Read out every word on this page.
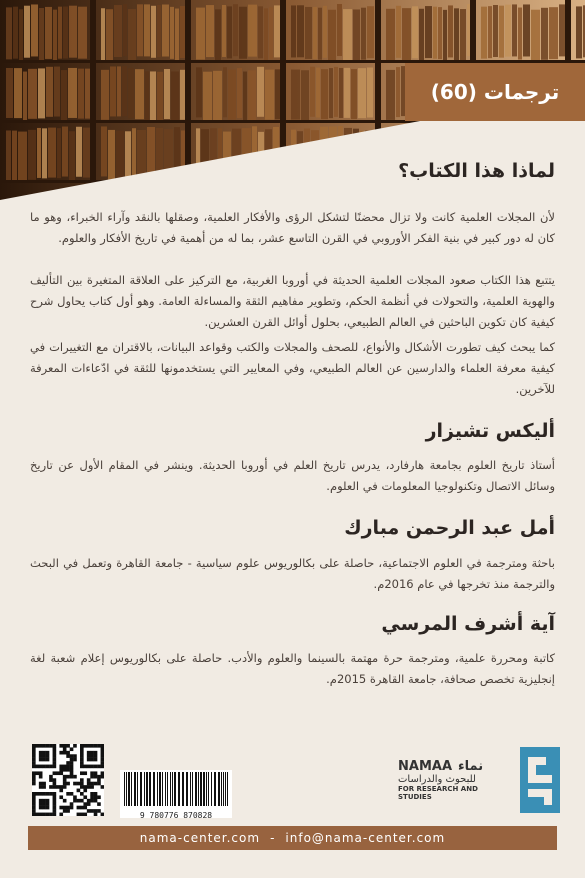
ترجمات (60)
لماذا هذا الكتاب؟

لأن المجلات العلمية كانت ولا تزال محضنًا لتشكل الرؤى والأفكار العلمية، وصقلها بالنقد وآراء الخبراء، وهو ما كان له دور كبير في بنية الفكر الأوروبي في القرن التاسع عشر، بما له من أهمية في تاريخ الأفكار والعلوم.

يتتبع هذا الكتاب صعود المجلات العلمية الحديثة في أوروبا الغربية، مع التركيز على العلاقة المتغيرة بين التأليف والهوية العلمية، والتحولات في أنظمة الحكم، وتطوير مفاهيم الثقة والمساءلة العامة. وهو أول كتاب يحاول شرح كيفية كان تكوين الباحثين في العالم الطبيعي، بحلول أوائل القرن العشرين.

كما يبحث كيف تطورت الأشكال والأنواع، للصحف والمجلات والكتب وقواعد البيانات، بالاقتران مع التغييرات في كيفية معرفة العلماء والدارسين عن العالم الطبيعي، وفي المعايير التي يستخدمونها للثقة في ادّعاءات المعرفة للآخرين.

أليكس تشيزار

أستاذ تاريخ العلوم بجامعة هارفارد، يدرس تاريخ العلم في أوروبا الحديثة. وينشر في المقام الأول عن تاريخ وسائل الاتصال وتكنولوجيا المعلومات في العلوم.

أمل عبد الرحمن مبارك

باحثة ومترجمة في العلوم الاجتماعية، حاصلة على بكالوريوس علوم سياسية - جامعة القاهرة وتعمل في البحث والترجمة منذ تخرجها في عام 2016م.

آية أشرف المرسي

كاتبة ومحررة علمية، ومترجمة حرة مهتمة بالسينما والعلوم والأدب. حاصلة على بكالوريوس إعلام شعبة لغة إنجليزية تخصص صحافة، جامعة القاهرة 2015م.

9 780776 870828
NAMAA نماء
للبحوث والدراسات
FOR RESEARCH AND STUDIES
nama-center.com - info@nama-center.com
